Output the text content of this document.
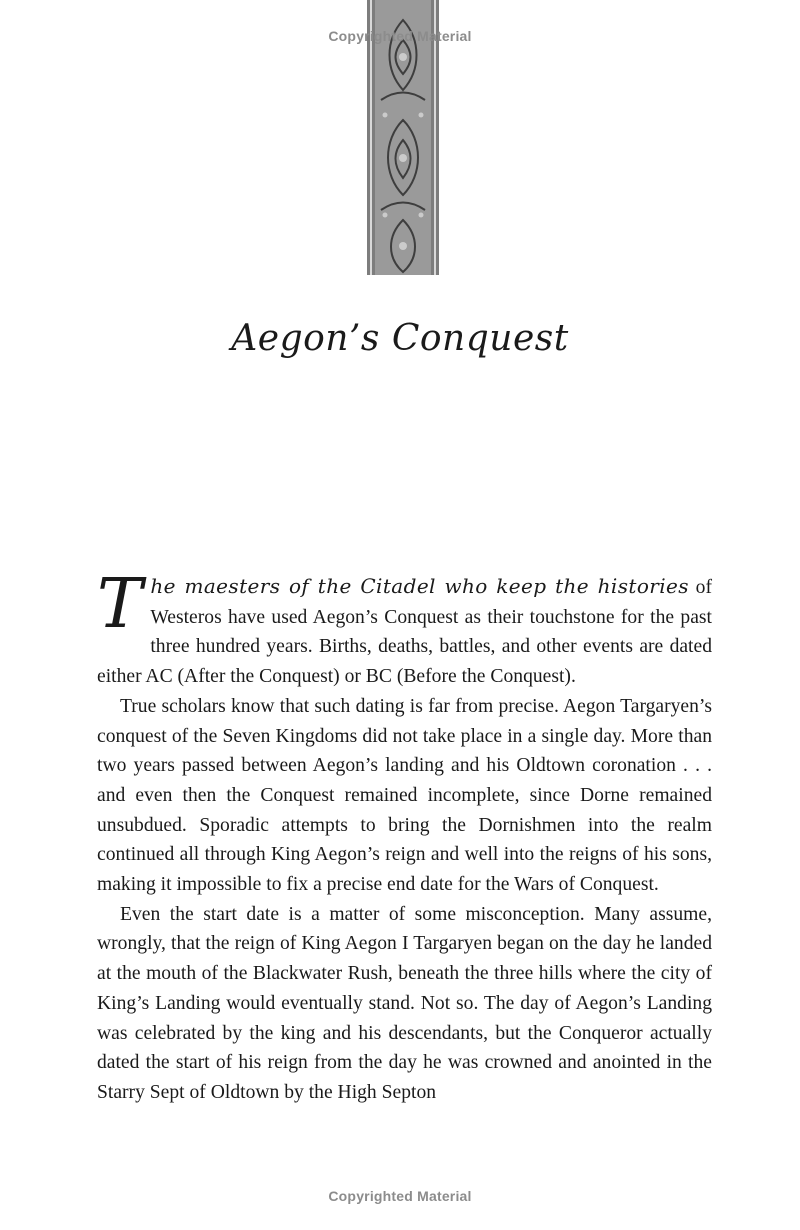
Copyrighted Material
Aegon’s Conquest

The maesters of the Citadel who keep the histories of Westeros have used Aegon’s Conquest as their touchstone for the past three hundred years. Births, deaths, battles, and other events are dated either AC (After the Conquest) or BC (Before the Conquest).

True scholars know that such dating is far from precise. Aegon Targaryen’s conquest of the Seven Kingdoms did not take place in a single day. More than two years passed between Aegon’s landing and his Oldtown coronation . . . and even then the Conquest remained incomplete, since Dorne remained unsubdued. Sporadic attempts to bring the Dornishmen into the realm continued all through King Aegon’s reign and well into the reigns of his sons, making it impossible to fix a precise end date for the Wars of Conquest.

Even the start date is a matter of some misconception. Many assume, wrongly, that the reign of King Aegon I Targaryen began on the day he landed at the mouth of the Blackwater Rush, beneath the three hills where the city of King’s Landing would eventually stand. Not so. The day of Aegon’s Landing was celebrated by the king and his descendants, but the Conqueror actually dated the start of his reign from the day he was crowned and anointed in the Starry Sept of Oldtown by the High Septon

Copyrighted Material
